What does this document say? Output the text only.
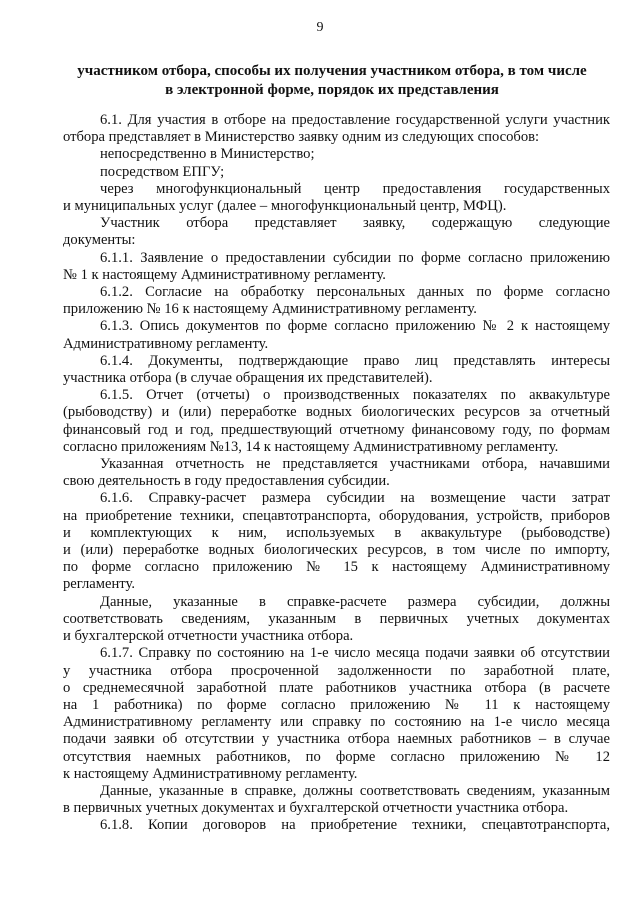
9
участником отбора, способы их получения участником отбора, в том числе
в электронной форме, порядок их представления
6.1. Для участия в отборе на предоставление государственной услуги участник
отбора представляет в Министерство заявку одним из следующих способов:
непосредственно в Министерство;
посредством ЕПГУ;
через многофункциональный центр предоставления государственных
и муниципальных услуг (далее – многофункциональный центр, МФЦ).
Участник отбора представляет заявку, содержащую следующие
документы:
6.1.1. Заявление о предоставлении субсидии по форме согласно приложению
№ 1 к настоящему Административному регламенту.
6.1.2. Согласие на обработку персональных данных по форме согласно
приложению № 16 к настоящему Административному регламенту.
6.1.3. Опись документов по форме согласно приложению № 2 к настоящему
Административному регламенту.
6.1.4. Документы, подтверждающие право лиц представлять интересы
участника отбора (в случае обращения их представителей).
6.1.5. Отчет (отчеты) о производственных показателях по аквакультуре
(рыбоводству) и (или) переработке водных биологических ресурсов за отчетный
финансовый год и год, предшествующий отчетному финансовому году, по формам
согласно приложениям №13, 14 к настоящему Административному регламенту.
Указанная отчетность не представляется участниками отбора, начавшими
свою деятельность в году предоставления субсидии.
6.1.6. Справку-расчет размера субсидии на возмещение части затрат
на приобретение техники, спецавтотранспорта, оборудования, устройств, приборов
и комплектующих к ним, используемых в аквакультуре (рыбоводстве)
и (или) переработке водных биологических ресурсов, в том числе по импорту,
по форме согласно приложению № 15 к настоящему Административному
регламенту.
Данные, указанные в справке-расчете размера субсидии, должны
соответствовать сведениям, указанным в первичных учетных документах
и бухгалтерской отчетности участника отбора.
6.1.7. Справку по состоянию на 1-е число месяца подачи заявки об отсутствии
у участника отбора просроченной задолженности по заработной плате,
о среднемесячной заработной плате работников участника отбора (в расчете
на 1 работника) по форме согласно приложению № 11 к настоящему
Административному регламенту или справку по состоянию на 1-е число месяца
подачи заявки об отсутствии у участника отбора наемных работников – в случае
отсутствия наемных работников, по форме согласно приложению № 12
к настоящему Административному регламенту.
Данные, указанные в справке, должны соответствовать сведениям, указанным
в первичных учетных документах и бухгалтерской отчетности участника отбора.
6.1.8. Копии договоров на приобретение техники, спецавтотранспорта,
